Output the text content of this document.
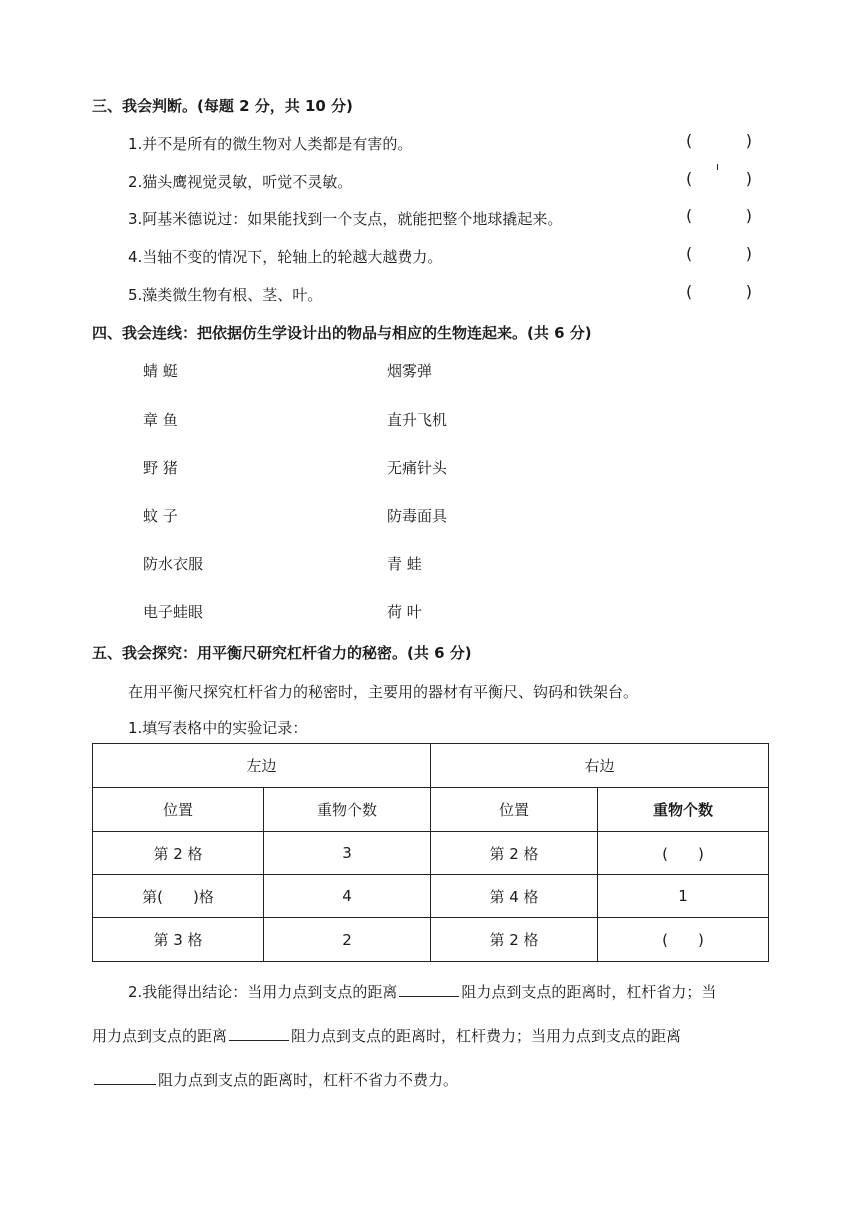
三、我会判断。(每题 2 分，共 10 分)
1.并不是所有的微生物对人类都是有害的。	(	)
2.猫头鹰视觉灵敏，听觉不灵敏。	(	)
ı
3.阿基米德说过：如果能找到一个支点，就能把整个地球撬起来。	(	)
4.当轴不变的情况下，轮轴上的轮越大越费力。	(	)
5.藻类微生物有根、茎、叶。	(	)
四、我会连线：把依据仿生学设计出的物品与相应的生物连起来。(共 6 分)
蜻 蜓	烟雾弹
章 鱼	直升飞机
野 猪	无痛针头
蚊 子	防毒面具
防水衣服	青 蛙
电子蛙眼	荷 叶
五、我会探究：用平衡尺研究杠杆省力的秘密。(共 6 分)
在用平衡尺探究杠杆省力的秘密时，主要用的器材有平衡尺、钩码和铁架台。
1.填写表格中的实验记录：
左边		右边	
位置	重物个数	位置	重物个数
第 2 格	3	第 2 格	(　　)
第(　　)格	4	第 4 格	1
第 3 格	2	第 2 格	(　　)
2.我能得出结论：当用力点到支点的距离	阻力点到支点的距离时，杠杆省力；当
用力点到支点的距离	阻力点到支点的距离时，杠杆费力；当用力点到支点的距离
阻力点到支点的距离时，杠杆不省力不费力。
